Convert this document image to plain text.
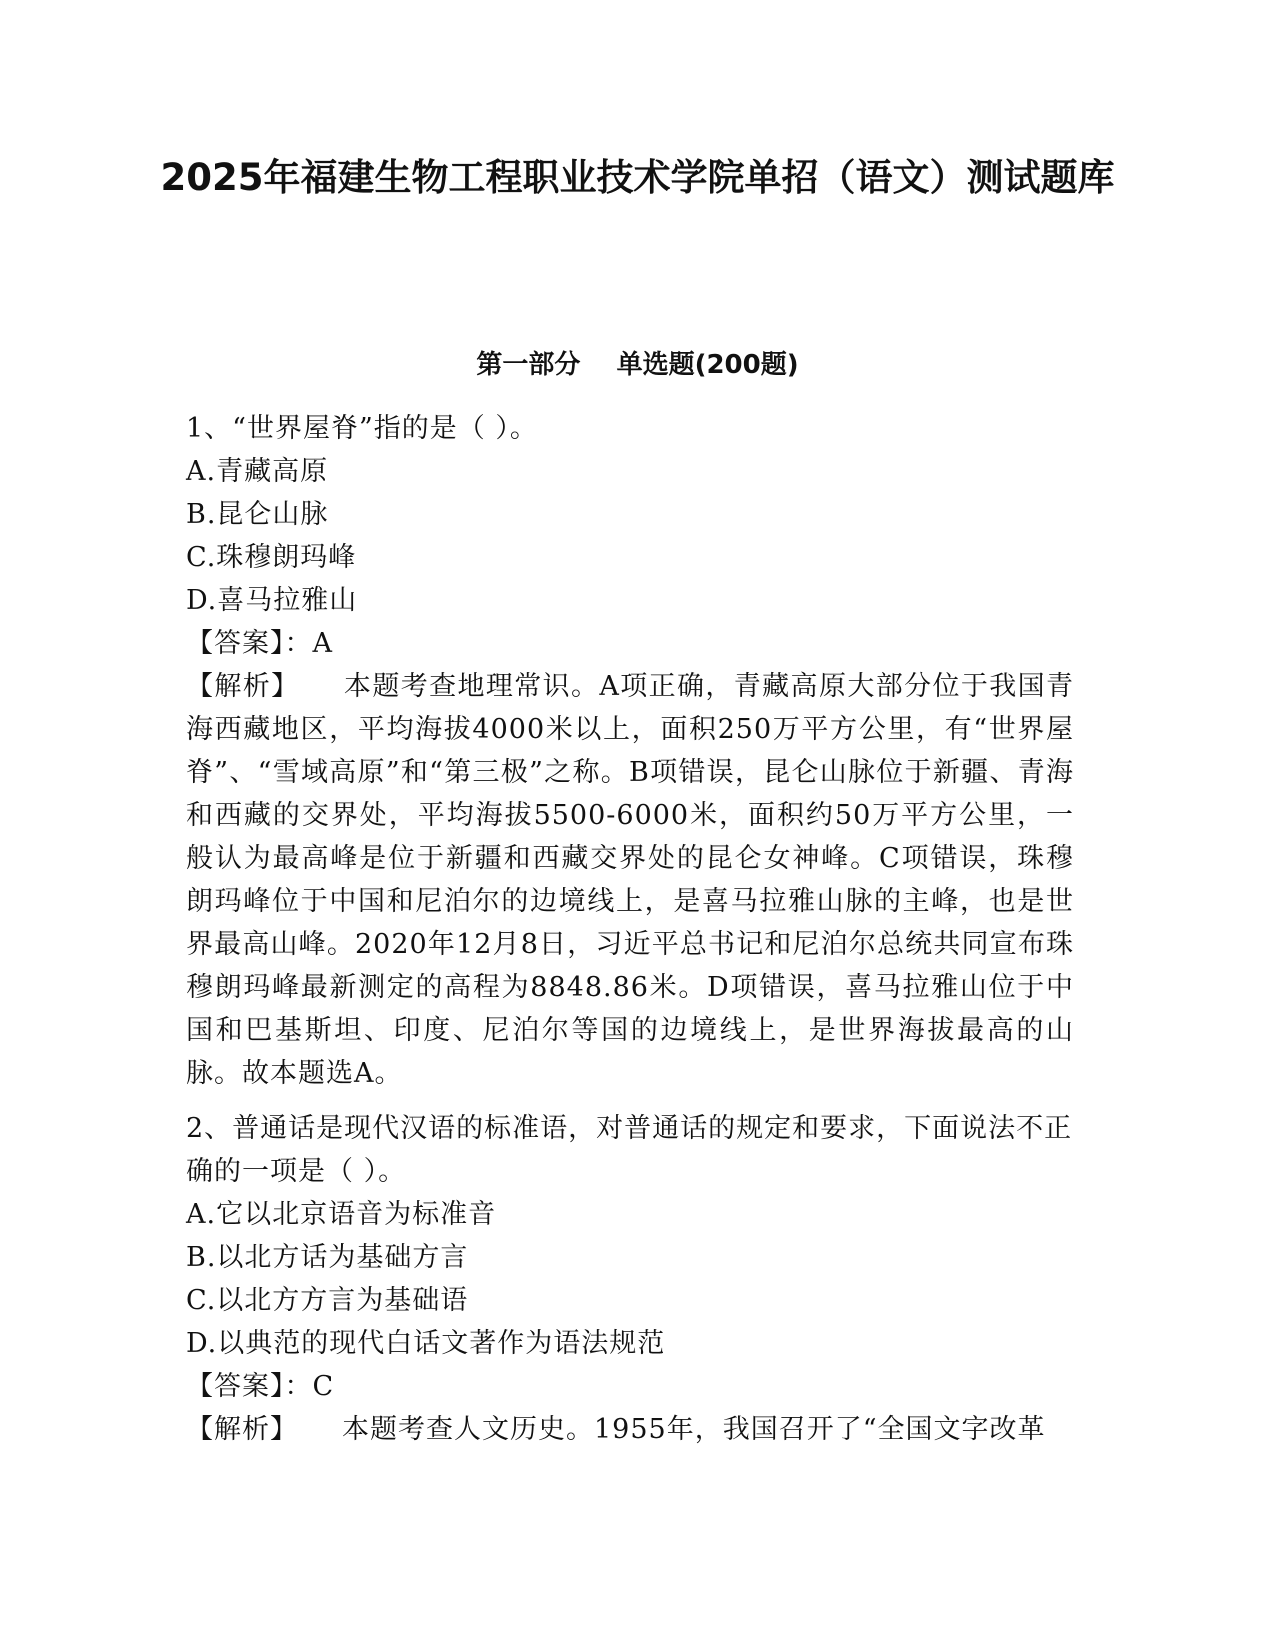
2025年福建生物工程职业技术学院单招（语文）测试题库
第一部分    单选题(200题)

1、“世界屋脊”指的是（ ）。

A.青藏高原

B.昆仑山脉

C.珠穆朗玛峰

D.喜马拉雅山

【答案】：A

【解析】 本题考查地理常识。A项正确，青藏高原大部分位于我国青海西藏地区，平均海拔4000米以上，面积250万平方公里，有“世界屋脊”、“雪域高原”和“第三极”之称。B项错误，昆仑山脉位于新疆、青海和西藏的交界处，平均海拔5500-6000米，面积约50万平方公里，一般认为最高峰是位于新疆和西藏交界处的昆仑女神峰。C项错误，珠穆朗玛峰位于中国和尼泊尔的边境线上，是喜马拉雅山脉的主峰，也是世界最高山峰。2020年12月8日，习近平总书记和尼泊尔总统共同宣布珠穆朗玛峰最新测定的高程为8848.86米。D项错误，喜马拉雅山位于中国和巴基斯坦、印度、尼泊尔等国的边境线上，是世界海拔最高的山脉。故本题选A。

2、普通话是现代汉语的标准语，对普通话的规定和要求，下面说法不正确的一项是（ ）。

A.它以北京语音为标准音

B.以北方话为基础方言

C.以北方方言为基础语

D.以典范的现代白话文著作为语法规范

【答案】：C

【解析】 本题考查人文历史。1955年，我国召开了“全国文字改革
